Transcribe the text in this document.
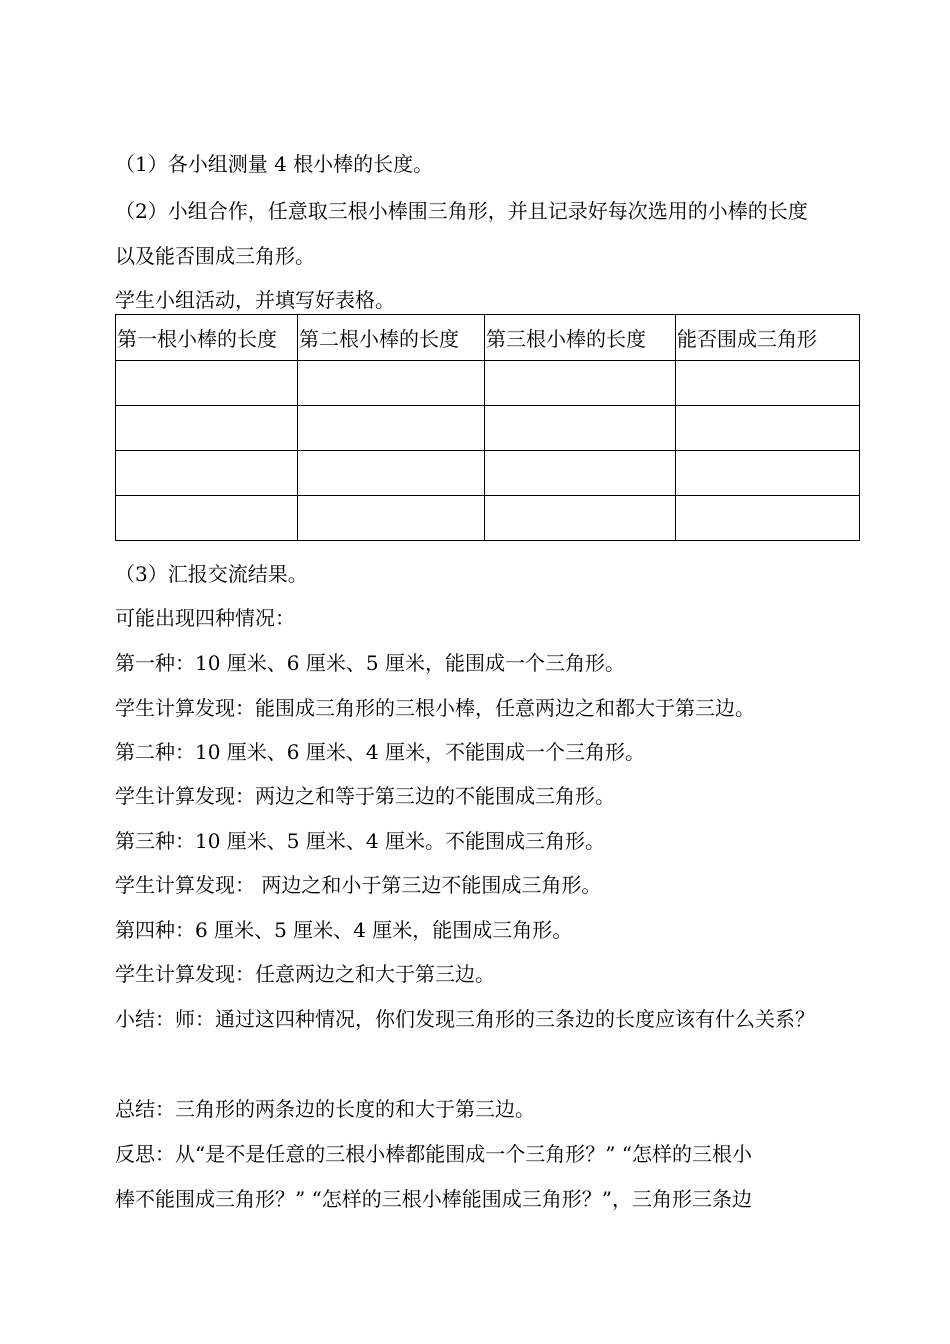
（1）各小组测量 4 根小棒的长度。
（2）小组合作，任意取三根小棒围三角形，并且记录好每次选用的小棒的长度
以及能否围成三角形。
学生小组活动，并填写好表格。
第一根小棒的长度	第二根小棒的长度	第三根小棒的长度	能否围成三角形

（3）汇报交流结果。
可能出现四种情况：
第一种：10 厘米、6 厘米、5 厘米，能围成一个三角形。
学生计算发现：能围成三角形的三根小棒，任意两边之和都大于第三边。
第二种：10 厘米、6 厘米、4 厘米，不能围成一个三角形。
学生计算发现：两边之和等于第三边的不能围成三角形。
第三种：10 厘米、5 厘米、4 厘米。不能围成三角形。
学生计算发现： 两边之和小于第三边不能围成三角形。
第四种：6 厘米、5 厘米、4 厘米，能围成三角形。
学生计算发现：任意两边之和大于第三边。
小结：师：通过这四种情况，你们发现三角形的三条边的长度应该有什么关系？
总结：三角形的两条边的长度的和大于第三边。
反思：从“是不是任意的三根小棒都能围成一个三角形？” “怎样的三根小
棒不能围成三角形？” “怎样的三根小棒能围成三角形？”，三角形三条边
